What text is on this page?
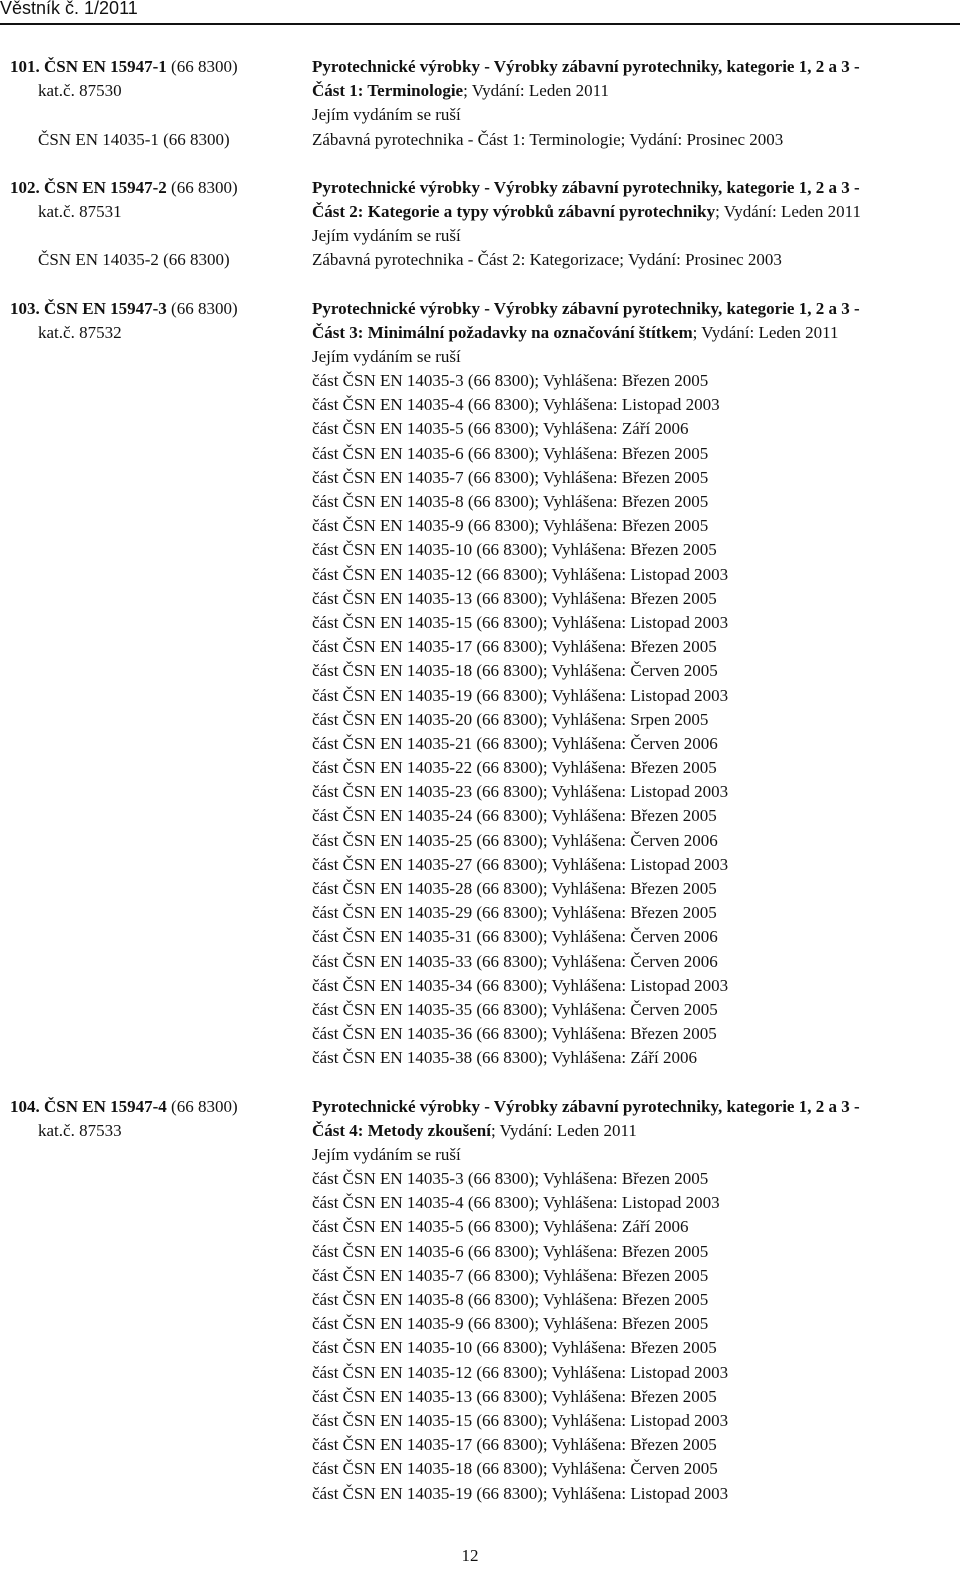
Věstník č. 1/2011
101. ČSN EN 15947-1 (66 8300)	Pyrotechnické výrobky - Výrobky zábavní pyrotechniky, kategorie 1, 2 a 3 -
kat.č. 87530	Část 1: Terminologie; Vydání: Leden 2011
Jejím vydáním se ruší
ČSN EN 14035-1 (66 8300)	Zábavná pyrotechnika - Část 1: Terminologie; Vydání: Prosinec 2003
102. ČSN EN 15947-2 (66 8300)	Pyrotechnické výrobky - Výrobky zábavní pyrotechniky, kategorie 1, 2 a 3 -
kat.č. 87531	Část 2: Kategorie a typy výrobků zábavní pyrotechniky; Vydání: Leden 2011
Jejím vydáním se ruší
ČSN EN 14035-2 (66 8300)	Zábavná pyrotechnika - Část 2: Kategorizace; Vydání: Prosinec 2003
103. ČSN EN 15947-3 (66 8300)	Pyrotechnické výrobky - Výrobky zábavní pyrotechniky, kategorie 1, 2 a 3 -
kat.č. 87532	Část 3: Minimální požadavky na označování štítkem; Vydání: Leden 2011
Jejím vydáním se ruší
část ČSN EN 14035-3 (66 8300); Vyhlášena: Březen 2005
část ČSN EN 14035-4 (66 8300); Vyhlášena: Listopad 2003
část ČSN EN 14035-5 (66 8300); Vyhlášena: Září 2006
část ČSN EN 14035-6 (66 8300); Vyhlášena: Březen 2005
část ČSN EN 14035-7 (66 8300); Vyhlášena: Březen 2005
část ČSN EN 14035-8 (66 8300); Vyhlášena: Březen 2005
část ČSN EN 14035-9 (66 8300); Vyhlášena: Březen 2005
část ČSN EN 14035-10 (66 8300); Vyhlášena: Březen 2005
část ČSN EN 14035-12 (66 8300); Vyhlášena: Listopad 2003
část ČSN EN 14035-13 (66 8300); Vyhlášena: Březen 2005
část ČSN EN 14035-15 (66 8300); Vyhlášena: Listopad 2003
část ČSN EN 14035-17 (66 8300); Vyhlášena: Březen 2005
část ČSN EN 14035-18 (66 8300); Vyhlášena: Červen 2005
část ČSN EN 14035-19 (66 8300); Vyhlášena: Listopad 2003
část ČSN EN 14035-20 (66 8300); Vyhlášena: Srpen 2005
část ČSN EN 14035-21 (66 8300); Vyhlášena: Červen 2006
část ČSN EN 14035-22 (66 8300); Vyhlášena: Březen 2005
část ČSN EN 14035-23 (66 8300); Vyhlášena: Listopad 2003
část ČSN EN 14035-24 (66 8300); Vyhlášena: Březen 2005
část ČSN EN 14035-25 (66 8300); Vyhlášena: Červen 2006
část ČSN EN 14035-27 (66 8300); Vyhlášena: Listopad 2003
část ČSN EN 14035-28 (66 8300); Vyhlášena: Březen 2005
část ČSN EN 14035-29 (66 8300); Vyhlášena: Březen 2005
část ČSN EN 14035-31 (66 8300); Vyhlášena: Červen 2006
část ČSN EN 14035-33 (66 8300); Vyhlášena: Červen 2006
část ČSN EN 14035-34 (66 8300); Vyhlášena: Listopad 2003
část ČSN EN 14035-35 (66 8300); Vyhlášena: Červen 2005
část ČSN EN 14035-36 (66 8300); Vyhlášena: Březen 2005
část ČSN EN 14035-38 (66 8300); Vyhlášena: Září 2006
104. ČSN EN 15947-4 (66 8300)	Pyrotechnické výrobky - Výrobky zábavní pyrotechniky, kategorie 1, 2 a 3 -
kat.č. 87533	Část 4: Metody zkoušení; Vydání: Leden 2011
Jejím vydáním se ruší
část ČSN EN 14035-3 (66 8300); Vyhlášena: Březen 2005
část ČSN EN 14035-4 (66 8300); Vyhlášena: Listopad 2003
část ČSN EN 14035-5 (66 8300); Vyhlášena: Září 2006
část ČSN EN 14035-6 (66 8300); Vyhlášena: Březen 2005
část ČSN EN 14035-7 (66 8300); Vyhlášena: Březen 2005
část ČSN EN 14035-8 (66 8300); Vyhlášena: Březen 2005
část ČSN EN 14035-9 (66 8300); Vyhlášena: Březen 2005
část ČSN EN 14035-10 (66 8300); Vyhlášena: Březen 2005
část ČSN EN 14035-12 (66 8300); Vyhlášena: Listopad 2003
část ČSN EN 14035-13 (66 8300); Vyhlášena: Březen 2005
část ČSN EN 14035-15 (66 8300); Vyhlášena: Listopad 2003
část ČSN EN 14035-17 (66 8300); Vyhlášena: Březen 2005
část ČSN EN 14035-18 (66 8300); Vyhlášena: Červen 2005
část ČSN EN 14035-19 (66 8300); Vyhlášena: Listopad 2003
12
